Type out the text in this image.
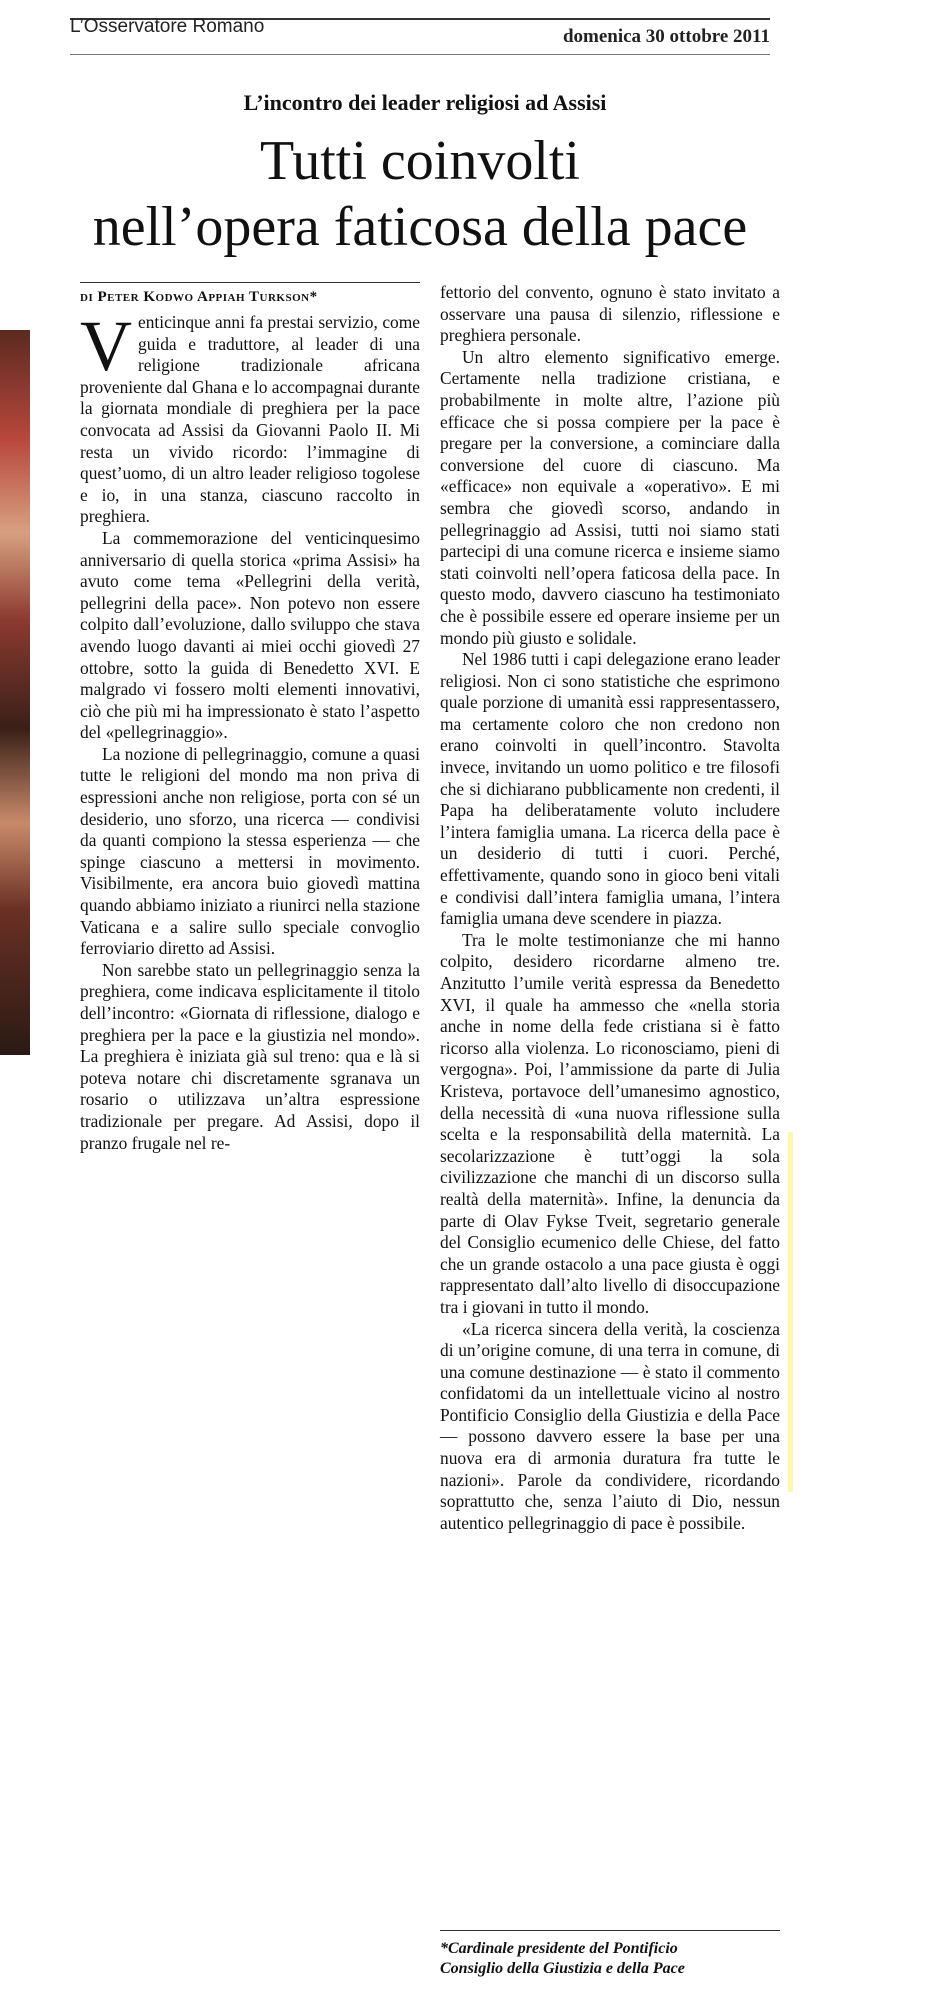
L’Osservatore Romano	domenica 30 ottobre 2011
L’incontro dei leader religiosi ad Assisi
Tutti coinvolti
nell’opera faticosa della pace
di Peter Kodwo Appiah Turkson*

Venticinque anni fa prestai servizio, come guida e traduttore, al leader di una religione tradizionale africana proveniente dal Ghana e lo accompagnai durante la giornata mondiale di preghiera per la pace convocata ad Assisi da Giovanni Paolo II. Mi resta un vivido ricordo: l’immagine di quest’uomo, di un altro leader religioso togolese e io, in una stanza, ciascuno raccolto in preghiera.

La commemorazione del venticinquesimo anniversario di quella storica «prima Assisi» ha avuto come tema «Pellegrini della verità, pellegrini della pace». Non potevo non essere colpito dall’evoluzione, dallo sviluppo che stava avendo luogo davanti ai miei occhi giovedì 27 ottobre, sotto la guida di Benedetto XVI. E malgrado vi fossero molti elementi innovativi, ciò che più mi ha impressionato è stato l’aspetto del «pellegrinaggio».

La nozione di pellegrinaggio, comune a quasi tutte le religioni del mondo ma non priva di espressioni anche non religiose, porta con sé un desiderio, uno sforzo, una ricerca — condivisi da quanti compiono la stessa esperienza — che spinge ciascuno a mettersi in movimento. Visibilmente, era ancora buio giovedì mattina quando abbiamo iniziato a riunirci nella stazione Vaticana e a salire sullo speciale convoglio ferroviario diretto ad Assisi.

Non sarebbe stato un pellegrinaggio senza la preghiera, come indicava esplicitamente il titolo dell’incontro: «Giornata di riflessione, dialogo e preghiera per la pace e la giustizia nel mondo». La preghiera è iniziata già sul treno: qua e là si poteva notare chi discretamente sgranava un rosario o utilizzava un’altra espressione tradizionale per pregare. Ad Assisi, dopo il pranzo frugale nel re-

fettorio del convento, ognuno è stato invitato a osservare una pausa di silenzio, riflessione e preghiera personale.

Un altro elemento significativo emerge. Certamente nella tradizione cristiana, e probabilmente in molte altre, l’azione più efficace che si possa compiere per la pace è pregare per la conversione, a cominciare dalla conversione del cuore di ciascuno. Ma «efficace» non equivale a «operativo». E mi sembra che giovedì scorso, andando in pellegrinaggio ad Assisi, tutti noi siamo stati partecipi di una comune ricerca e insieme siamo stati coinvolti nell’opera faticosa della pace. In questo modo, davvero ciascuno ha testimoniato che è possibile essere ed operare insieme per un mondo più giusto e solidale.

Nel 1986 tutti i capi delegazione erano leader religiosi. Non ci sono statistiche che esprimono quale porzione di umanità essi rappresentassero, ma certamente coloro che non credono non erano coinvolti in quell’incontro. Stavolta invece, invitando un uomo politico e tre filosofi che si dichiarano pubblicamente non credenti, il Papa ha deliberatamente voluto includere l’intera famiglia umana. La ricerca della pace è un desiderio di tutti i cuori. Perché, effettivamente, quando sono in gioco beni vitali e condivisi dall’intera famiglia umana, l’intera famiglia umana deve scendere in piazza.

Tra le molte testimonianze che mi hanno colpito, desidero ricordarne almeno tre. Anzitutto l’umile verità espressa da Benedetto XVI, il quale ha ammesso che «nella storia anche in nome della fede cristiana si è fatto ricorso alla violenza. Lo riconosciamo, pieni di vergogna». Poi, l’ammissione da parte di Julia Kristeva, portavoce dell’umanesimo agnostico, della necessità di «una nuova riflessione sulla scelta e la responsabilità della maternità. La secolarizzazione è tutt’oggi la sola civilizzazione che manchi di un discorso sulla realtà della maternità». Infine, la denuncia da parte di Olav Fykse Tveit, segretario generale del Consiglio ecumenico delle Chiese, del fatto che un grande ostacolo a una pace giusta è oggi rappresentato dall’alto livello di disoccupazione tra i giovani in tutto il mondo.

«La ricerca sincera della verità, la coscienza di un’origine comune, di una terra in comune, di una comune destinazione — è stato il commento confidatomi da un intellettuale vicino al nostro Pontificio Consiglio della Giustizia e della Pace — possono davvero essere la base per una nuova era di armonia duratura fra tutte le nazioni». Parole da condividere, ricordando soprattutto che, senza l’aiuto di Dio, nessun autentico pellegrinaggio di pace è possibile.

*Cardinale presidente del Pontificio
Consiglio della Giustizia e della Pace
